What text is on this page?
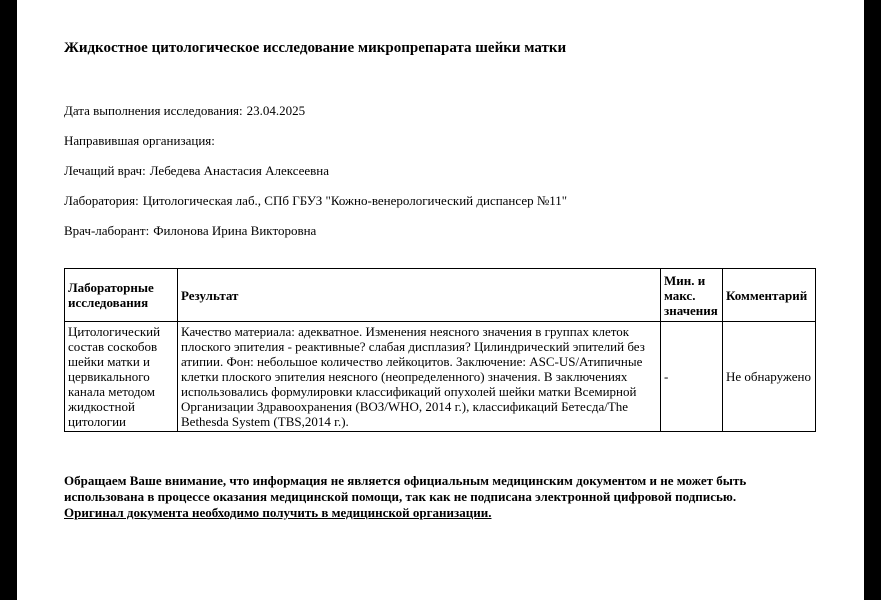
Жидкостное цитологическое исследование микропрепарата шейки матки

Дата выполнения исследования: 23.04.2025

Направившая организация:

Лечащий врач: Лебедева Анастасия Алексеевна

Лаборатория: Цитологическая лаб., СПб ГБУЗ "Кожно-венерологический диспансер №11"

Врач-лаборант: Филонова Ирина Викторовна

Лабораторные исследования	Результат	Мин. и макс. значения	Комментарий
Цитологический состав соскобов шейки матки и цервикального канала методом жидкостной цитологии	Качество материала: адекватное. Изменения неясного значения в группах клеток плоского эпителия - реактивные? слабая дисплазия? Цилиндрический эпителий без атипии. Фон: небольшое количество лейкоцитов. Заключение: ASC-US/Атипичные клетки плоского эпителия неясного (неопределенного) значения. В заключениях использовались формулировки классификаций опухолей шейки матки Всемирной Организации Здравоохранения (ВОЗ/WHO, 2014 г.), классификаций Бетесда/The Bethesda System (TBS,2014 г.).	-	Не обнаружено

Обращаем Ваше внимание, что информация не является официальным медицинским документом и не может быть использована в процессе оказания медицинской помощи, так как не подписана электронной цифровой подписью.
Оригинал документа необходимо получить в медицинской организации.
